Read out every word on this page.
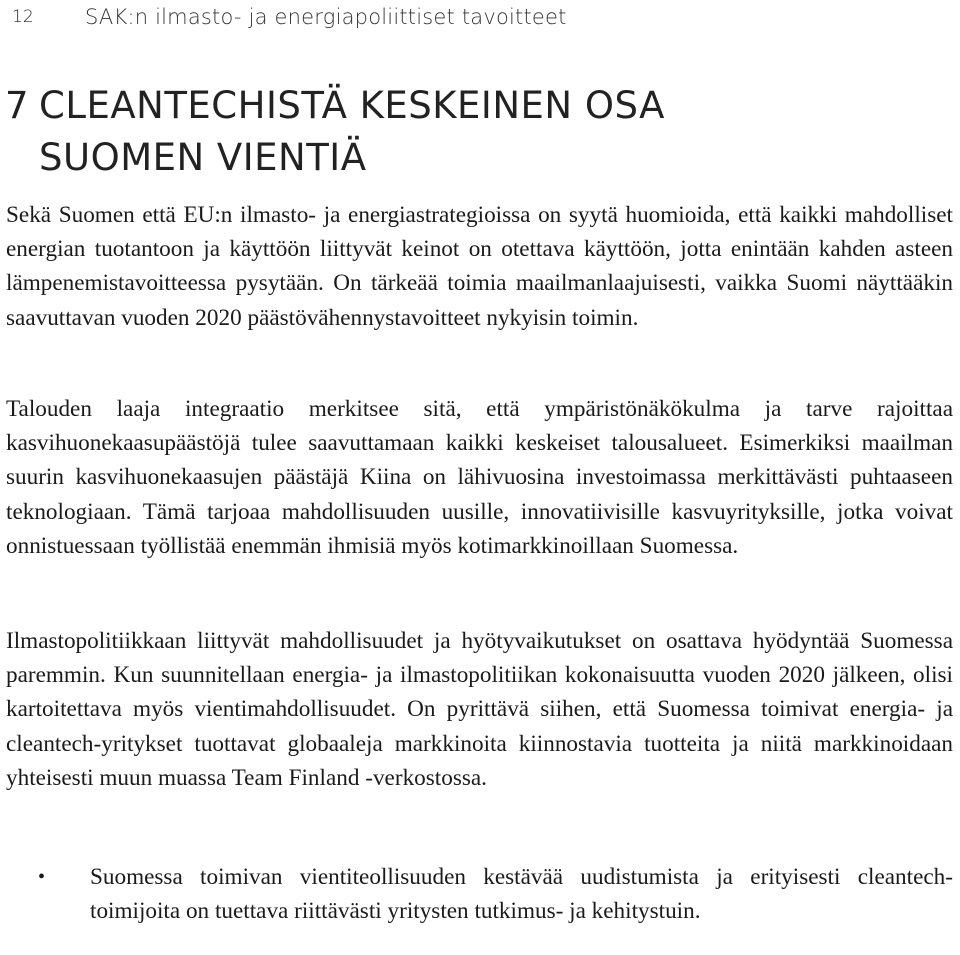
12	SAK:n ilmasto- ja energiapoliittiset tavoitteet
7 CLEANTECHISTÄ KESKEINEN OSA
SUOMEN VIENTIÄ

Sekä Suomen että EU:n ilmasto- ja energiastrategioissa on syytä huomioida, että kaikki mahdolliset energian tuotantoon ja käyttöön liittyvät keinot on otettava käyttöön, jotta enintään kahden asteen lämpenemistavoitteessa pysytään. On tärkeää toimia maailmanlaajuisesti, vaikka Suomi näyttääkin saavuttavan vuoden 2020 päästövähennystavoitteet nykyisin toimin.

Talouden laaja integraatio merkitsee sitä, että ympäristönäkökulma ja tarve rajoittaa kasvihuonekaasupäästöjä tulee saavuttamaan kaikki keskeiset talousalueet. Esimerkiksi maailman suurin kasvihuonekaasujen päästäjä Kiina on lähivuosina investoimassa merkittävästi puhtaaseen teknologiaan. Tämä tarjoaa mahdollisuuden uusille, innovatiivisille kasvuyrityksille, jotka voivat onnistuessaan työllistää enemmän ihmisiä myös kotimarkkinoillaan Suomessa.

Ilmastopolitiikkaan liittyvät mahdollisuudet ja hyötyvaikutukset on osattava hyödyntää Suomessa paremmin. Kun suunnitellaan energia- ja ilmastopolitiikan kokonaisuutta vuoden 2020 jälkeen, olisi kartoitettava myös vientimahdollisuudet. On pyrittävä siihen, että Suomessa toimivat energia- ja cleantech-yritykset tuottavat globaaleja markkinoita kiinnostavia tuotteita ja niitä markkinoidaan yhteisesti muun muassa Team Finland -verkostossa.

•	Suomessa toimivan vientiteollisuuden kestävää uudistumista ja erityisesti cleantech-toimijoita on tuettava riittävästi yritysten tutkimus- ja kehitystuin.
